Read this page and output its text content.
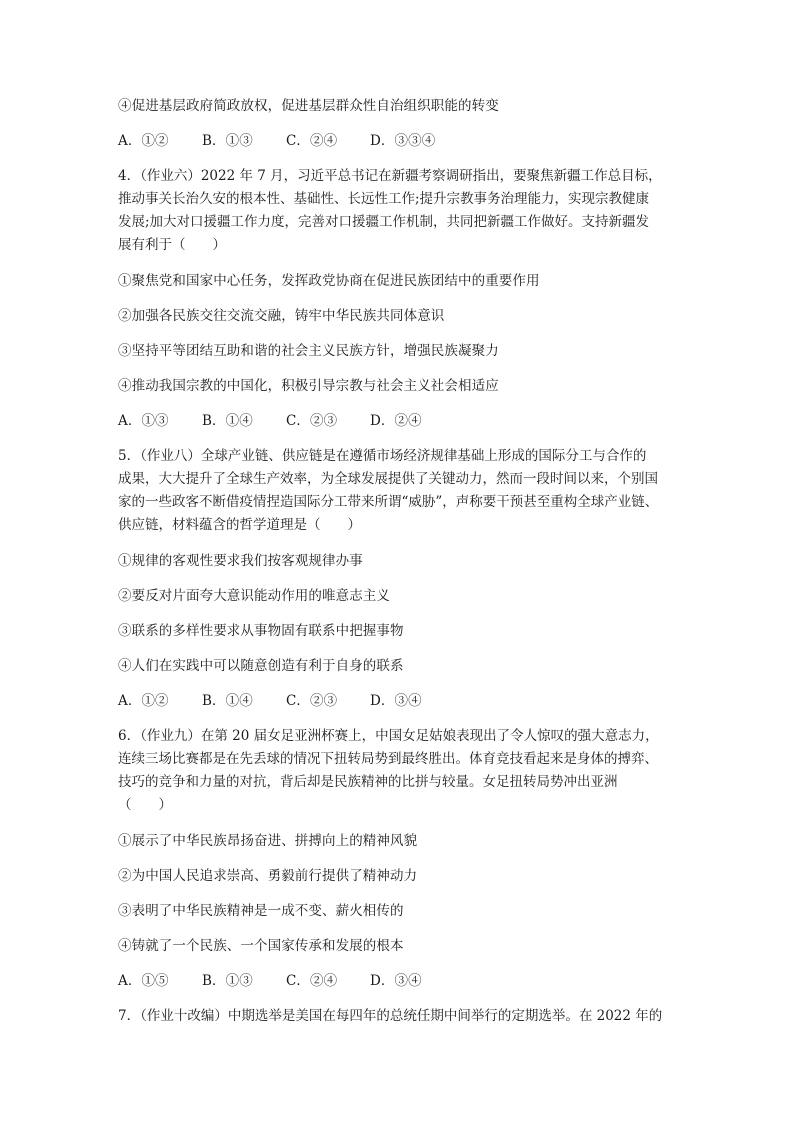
④促进基层政府简政放权，促进基层群众性自治组织职能的转变
A．①②	B．①③	C．②④	D．③③④
4．（作业六）2022 年 7 月，习近平总书记在新疆考察调研指出，要聚焦新疆工作总目标，
推动事关长治久安的根本性、基础性、长远性工作;提升宗教事务治理能力，实现宗教健康
发展;加大对口援疆工作力度，完善对口援疆工作机制，共同把新疆工作做好。支持新疆发
展有利于（　　）
①聚焦党和国家中心任务，发挥政党协商在促进民族团结中的重要作用
②加强各民族交往交流交融，铸牢中华民族共同体意识
③坚持平等团结互助和谐的社会主义民族方针，增强民族凝聚力
④推动我国宗教的中国化，积极引导宗教与社会主义社会相适应
A．①③	B．①④	C．②③	D．②④
5．（作业八）全球产业链、供应链是在遵循市场经济规律基础上形成的国际分工与合作的
成果，大大提升了全球生产效率，为全球发展提供了关键动力，然而一段时间以来，个别国
家的一些政客不断借疫情捏造国际分工带来所谓“威胁”，声称要干预甚至重构全球产业链、
供应链，材料蕴含的哲学道理是（　　）
①规律的客观性要求我们按客观规律办事
②要反对片面夸大意识能动作用的唯意志主义
③联系的多样性要求从事物固有联系中把握事物
④人们在实践中可以随意创造有利于自身的联系
A．①②	B．①④	C．②③	D．③④
6．（作业九）在第 20 届女足亚洲杯赛上，中国女足姑娘表现出了令人惊叹的强大意志力，
连续三场比赛都是在先丢球的情况下扭转局势到最终胜出。体育竞技看起来是身体的搏弈、
技巧的竞争和力量的对抗，背后却是民族精神的比拼与较量。女足扭转局势冲出亚洲
（　　）
①展示了中华民族昂扬奋进、拼搏向上的精神风貌
②为中国人民追求崇高、勇毅前行提供了精神动力
③表明了中华民族精神是一成不变、薪火相传的
④铸就了一个民族、一个国家传承和发展的根本
A．①⑤	B．①③	C．②④	D．③④
7．（作业十改编）中期选举是美国在每四年的总统任期中间举行的定期选举。在 2022 年的
